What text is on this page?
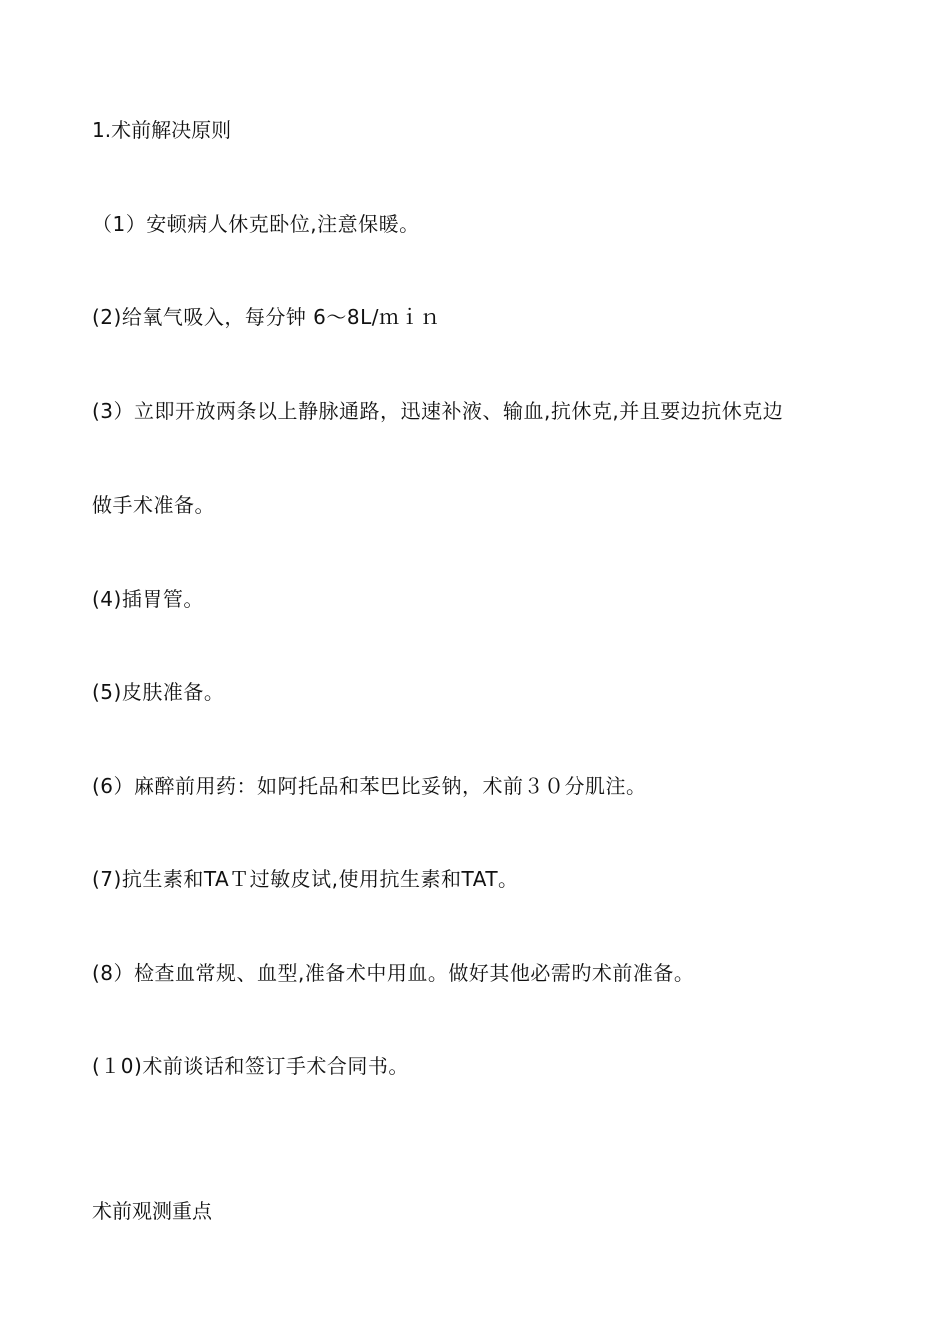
1.术前解决原则
（1）安顿病人休克卧位,注意保暖。
(2)给氧气吸入，每分钟 6～8L/ｍｉｎ
(3）立即开放两条以上静脉通路，迅速补液、输血,抗休克,并且要边抗休克边
做手术准备。
(4)插胃管。
(5)皮肤准备。
(6）麻醉前用药：如阿托品和苯巴比妥钠，术前３０分肌注。
(7)抗生素和TAＴ过敏皮试,使用抗生素和TAT。
(8）检查血常规、血型,准备术中用血。做好其他必需旳术前准备。
(１0)术前谈话和签订手术合同书。
术前观测重点
